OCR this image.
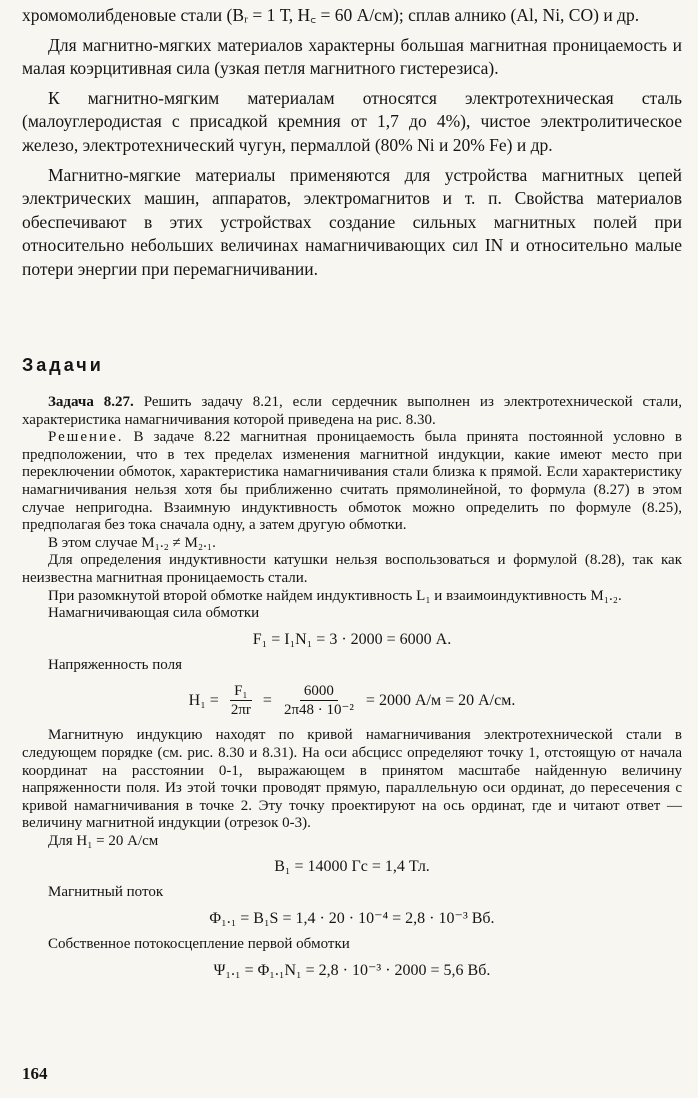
хромомолибденовые стали (Bᵣ = 1 Т, H꜀ = 60 А/см); сплав алнико (Al, Ni, CO) и др.

Для магнитно-мягких материалов характерны большая магнитная проницаемость и малая коэрцитивная сила (узкая петля магнитного гистерезиса).

К магнитно-мягким материалам относятся электротехническая сталь (малоуглеродистая с присадкой кремния от 1,7 до 4%), чистое электролитическое железо, электротехнический чугун, пермаллой (80% Ni и 20% Fe) и др.

Магнитно-мягкие материалы применяются для устройства магнитных цепей электрических машин, аппаратов, электромагнитов и т. п. Свойства материалов обеспечивают в этих устройствах создание сильных магнитных полей при относительно небольших величинах намагничивающих сил IN и относительно малые потери энергии при перемагничивании.

Задачи

Задача 8.27. Решить задачу 8.21, если сердечник выполнен из электротехнической стали, характеристика намагничивания которой приведена на рис. 8.30.

Решение. В задаче 8.22 магнитная проницаемость была принята постоянной условно в предположении, что в тех пределах изменения магнитной индукции, какие имеют место при переключении обмоток, характеристика намагничивания стали близка к прямой. Если характеристику намагничивания нельзя хотя бы приближенно считать прямолинейной, то формула (8.27) в этом случае непригодна. Взаимную индуктивность обмоток можно определить по формуле (8.25), предполагая без тока сначала одну, а затем другую обмотки.

В этом случае M₁.₂ ≠ M₂.₁.

Для определения индуктивности катушки нельзя воспользоваться и формулой (8.28), так как неизвестна магнитная проницаемость стали.

При разомкнутой второй обмотке найдем индуктивность L₁ и взаимоиндуктивность M₁.₂.

Намагничивающая сила обмотки

F₁ = I₁N₁ = 3 · 2000 = 6000 А.

Напряженность поля

$H_1 = \frac{\text{F₁}}{2\pi r} = \frac{6000}{\text{2π48 · 10⁻²}} = 2000$ А/м = 20 А/см.

Магнитную индукцию находят по кривой намагничивания электротехнической стали в следующем порядке (см. рис. 8.30 и 8.31). На оси абсцисс определяют точку 1, отстоящую от начала координат на расстоянии 0-1, выражающем в принятом масштабе найденную величину напряженности поля. Из этой точки проводят прямую, параллельную оси ординат, до пересечения с кривой намагничивания в точке 2. Эту точку проектируют на ось ординат, где и читают ответ — величину магнитной индукции (отрезок 0-3).

Для H₁ = 20 А/см

B₁ = 14000 Гс = 1,4 Тл.

Магнитный поток

Φ₁.₁ = B₁S = 1,4 · 20 · 10⁻⁴ = 2,8 · 10⁻³ Вб.

Собственное потокосцепление первой обмотки

Ψ₁.₁ = Φ₁.₁N₁ = 2,8 · 10⁻³ · 2000 = 5,6 Вб.
164
